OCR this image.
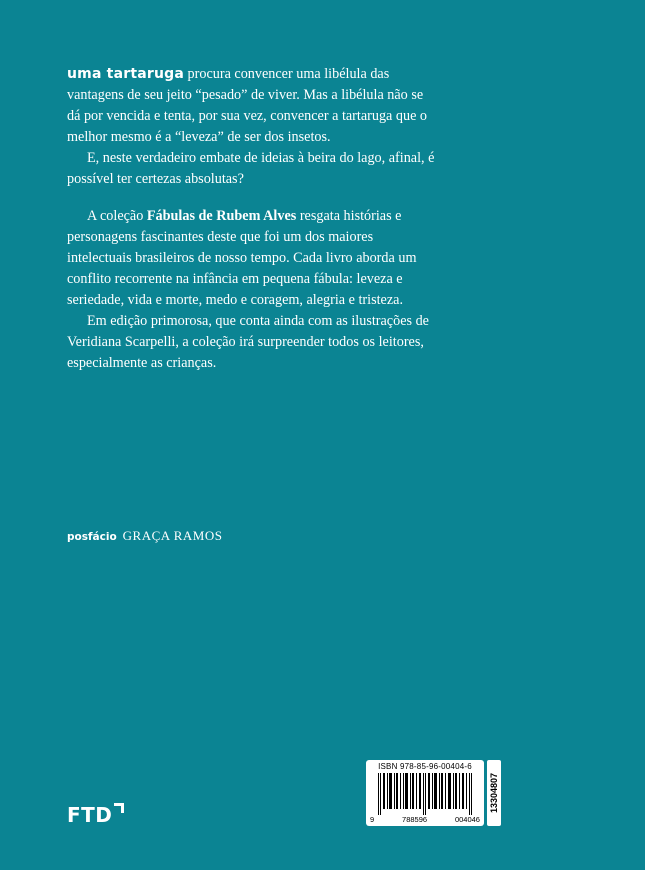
uma tartaruga procura convencer uma libélula das vantagens de seu jeito “pesado” de viver. Mas a libélula não se dá por vencida e tenta, por sua vez, convencer a tartaruga que o melhor mesmo é a “leveza” de ser dos insetos.

E, neste verdadeiro embate de ideias à beira do lago, afinal, é possível ter certezas absolutas?

A coleção Fábulas de Rubem Alves resgata histórias e personagens fascinantes deste que foi um dos maiores intelectuais brasileiros de nosso tempo. Cada livro aborda um conflito recorrente na infância em pequena fábula: leveza e seriedade, vida e morte, medo e coragem, alegria e tristeza.

Em edição primorosa, que conta ainda com as ilustrações de Veridiana Scarpelli, a coleção irá surpreender todos os leitores, especialmente as crianças.

posfácio GRAÇA RAMOS
FTD
ISBN 978-85-96-00404-6
9	788596	004046
13304807
